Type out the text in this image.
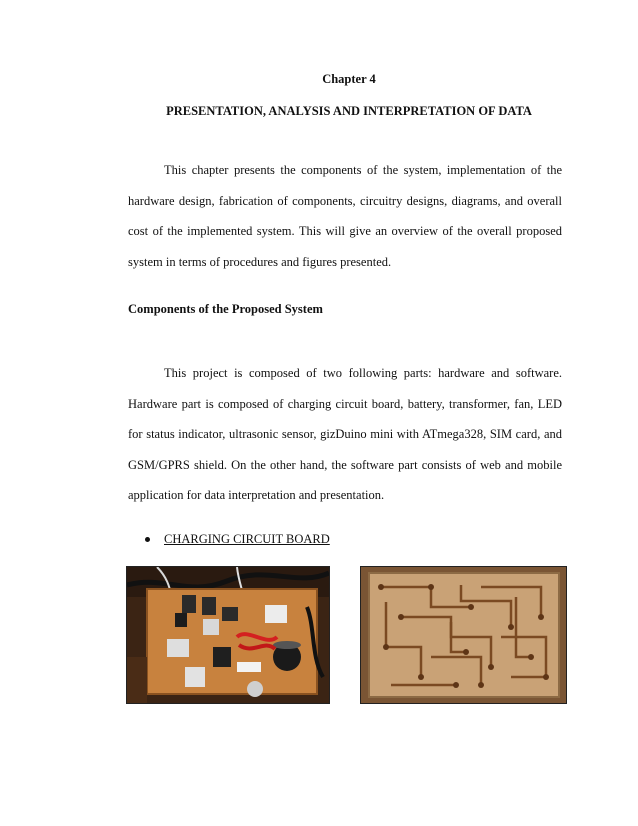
Chapter 4
PRESENTATION, ANALYSIS AND INTERPRETATION OF DATA

This chapter presents the components of the system, implementation of the hardware design, fabrication of components, circuitry designs, diagrams, and overall cost of the implemented system. This will give an overview of the overall proposed system in terms of procedures and figures presented.

Components of the Proposed System

This project is composed of two following parts: hardware and software. Hardware part is composed of charging circuit board, battery, transformer, fan, LED for status indicator, ultrasonic sensor, gizDuino mini with ATmega328, SIM card, and GSM/GPRS shield. On the other hand, the software part consists of web and mobile application for data interpretation and presentation.

CHARGING CIRCUIT BOARD
